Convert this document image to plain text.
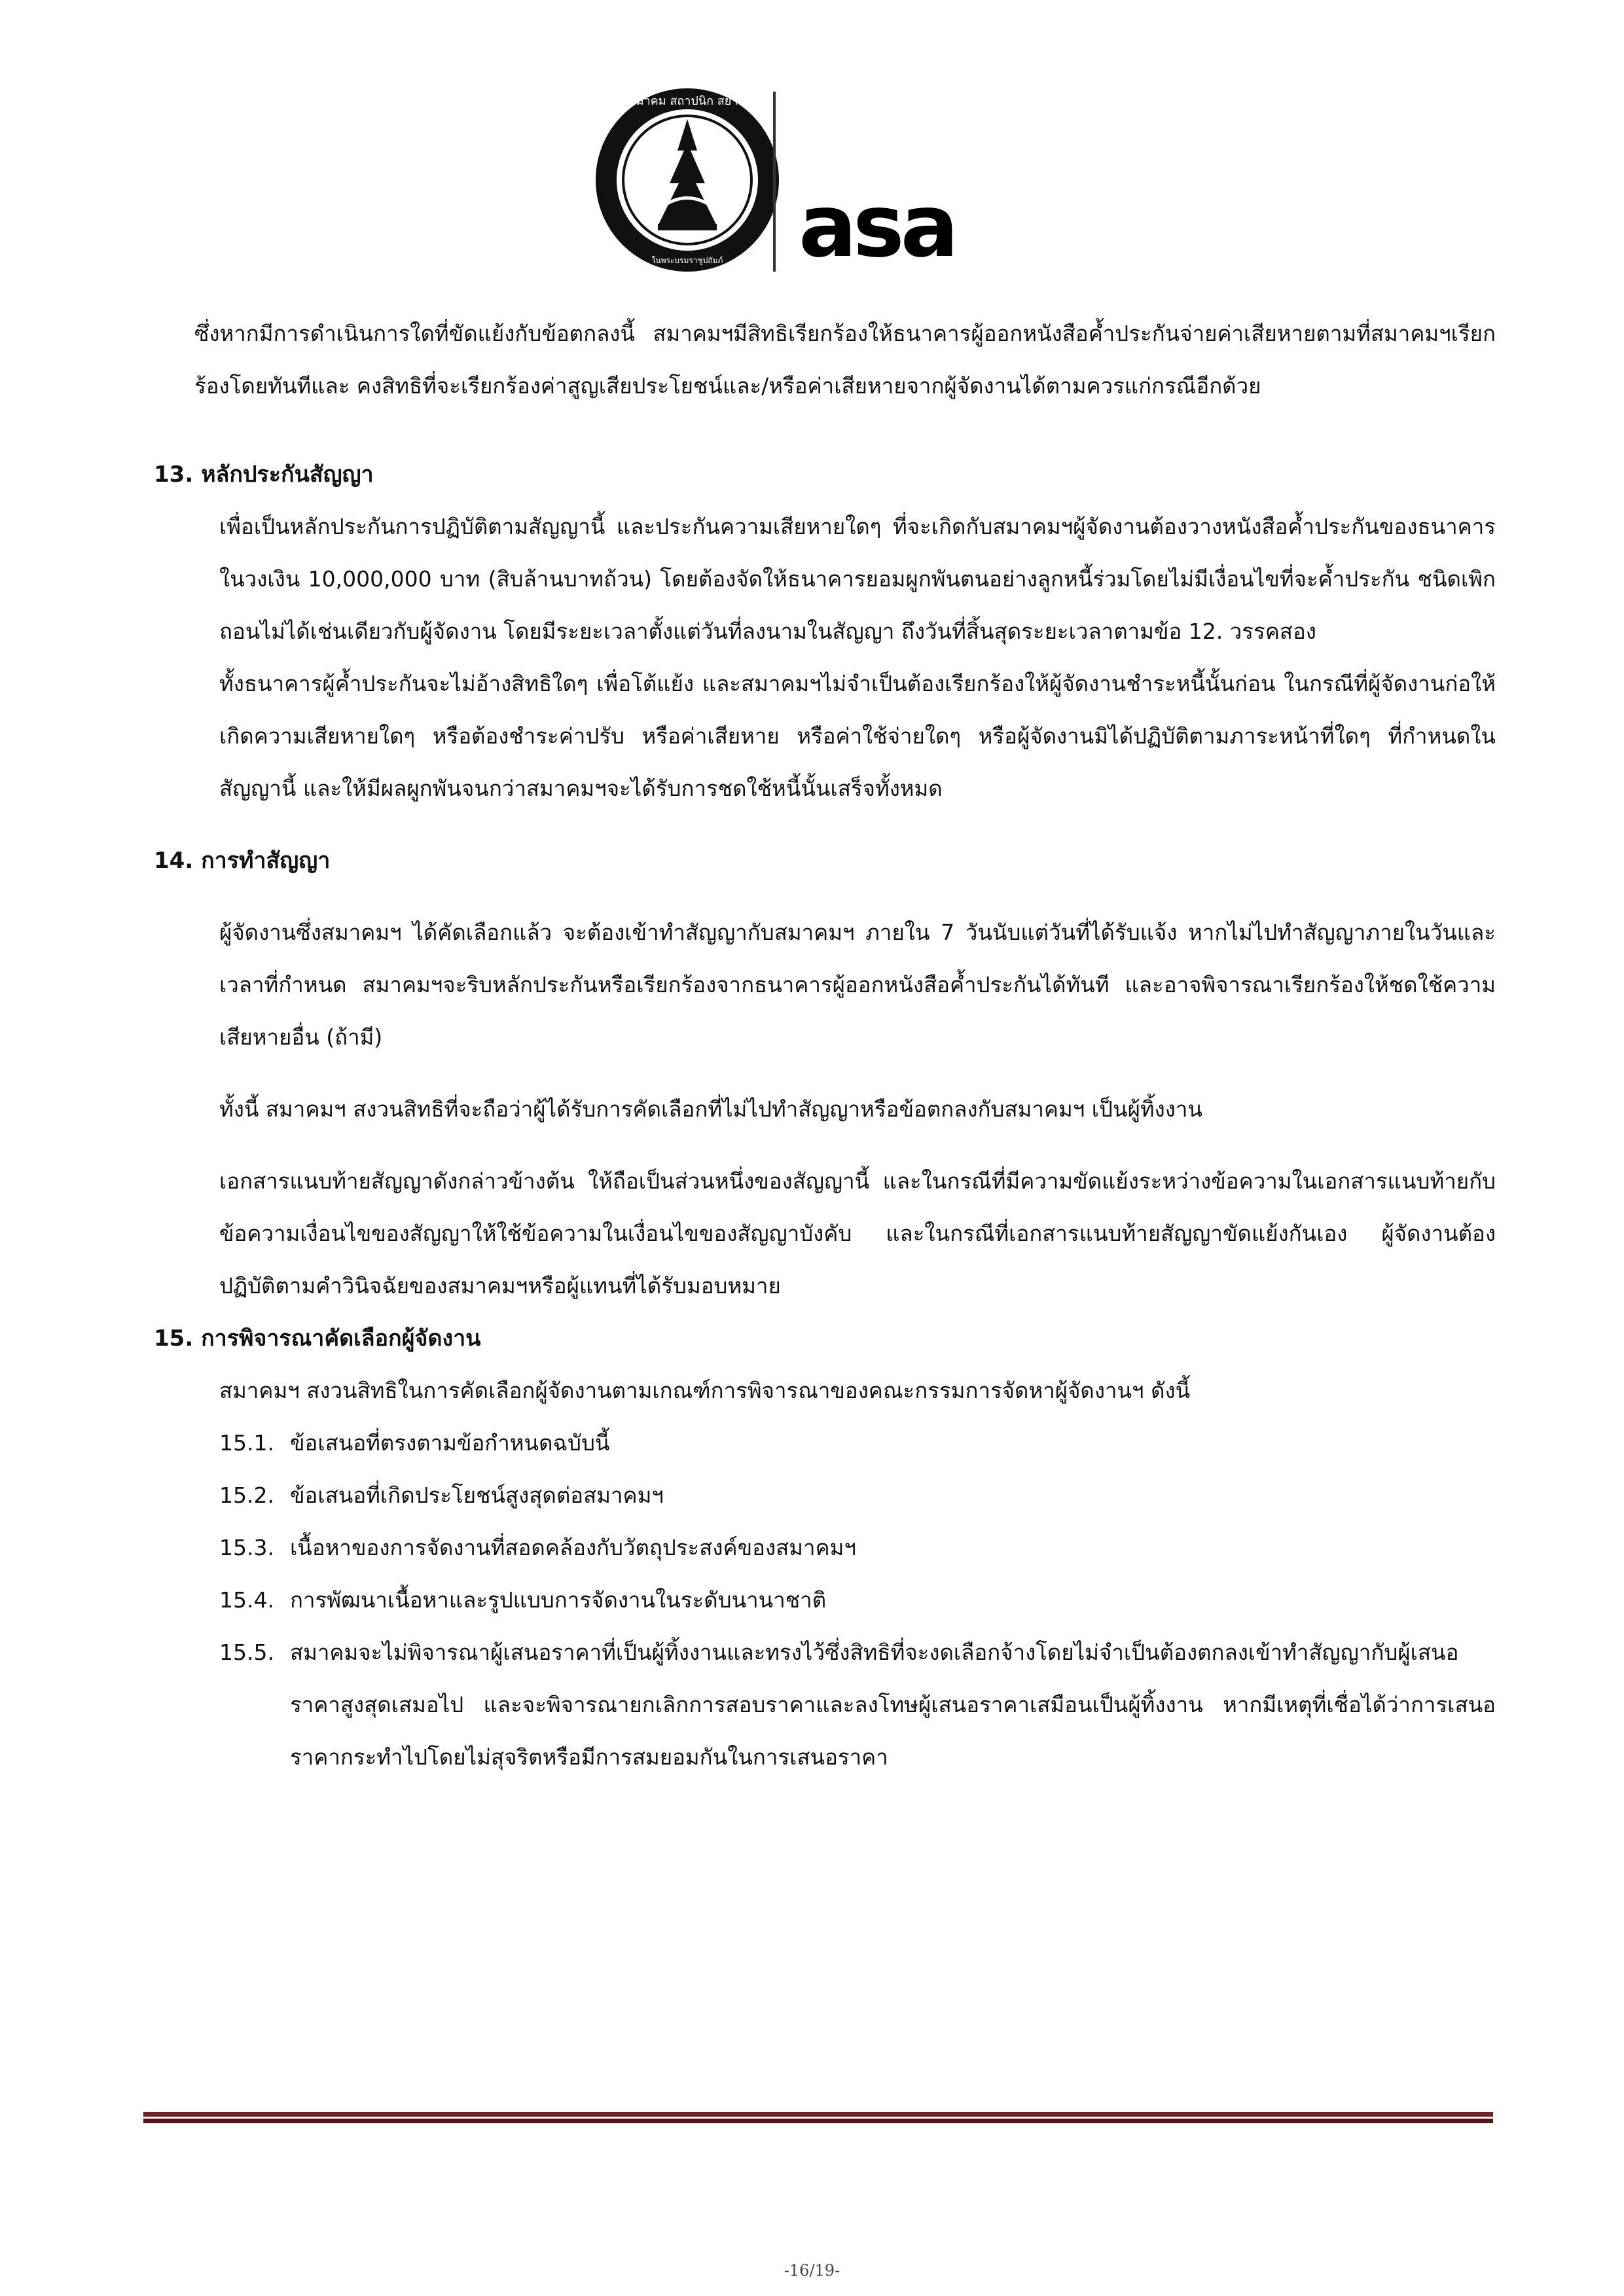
สมาคม สถาปนิก สยาม
ในพระบรมราชูปถัมภ์ asa

ซึ่งหากมีการดำเนินการใดที่ขัดแย้งกับข้อตกลงนี้ สมาคมฯมีสิทธิเรียกร้องให้ธนาคารผู้ออกหนังสือค้ำประกันจ่ายค่าเสียหายตามที่สมาคมฯเรียกร้องโดยทันทีและ คงสิทธิที่จะเรียกร้องค่าสูญเสียประโยชน์และ/หรือค่าเสียหายจากผู้จัดงานได้ตามควรแก่กรณีอีกด้วย

13. หลักประกันสัญญา

เพื่อเป็นหลักประกันการปฏิบัติตามสัญญานี้ และประกันความเสียหายใดๆ ที่จะเกิดกับสมาคมฯผู้จัดงานต้องวางหนังสือค้ำประกันของธนาคาร ในวงเงิน 10,000,000 บาท (สิบล้านบาทถ้วน) โดยต้องจัดให้ธนาคารยอมผูกพันตนอย่างลูกหนี้ร่วมโดยไม่มีเงื่อนไขที่จะค้ำประกัน ชนิดเพิกถอนไม่ได้เช่นเดียวกับผู้จัดงาน โดยมีระยะเวลาตั้งแต่วันที่ลงนามในสัญญา ถึงวันที่สิ้นสุดระยะเวลาตามข้อ 12. วรรคสอง

ทั้งธนาคารผู้ค้ำประกันจะไม่อ้างสิทธิใดๆ เพื่อโต้แย้ง และสมาคมฯไม่จำเป็นต้องเรียกร้องให้ผู้จัดงานชำระหนี้นั้นก่อน ในกรณีที่ผู้จัดงานก่อให้เกิดความเสียหายใดๆ หรือต้องชำระค่าปรับ หรือค่าเสียหาย หรือค่าใช้จ่ายใดๆ หรือผู้จัดงานมิได้ปฏิบัติตามภาระหน้าที่ใดๆ ที่กำหนดในสัญญานี้ และให้มีผลผูกพันจนกว่าสมาคมฯจะได้รับการชดใช้หนี้นั้นเสร็จทั้งหมด

14. การทำสัญญา

ผู้จัดงานซึ่งสมาคมฯ ได้คัดเลือกแล้ว จะต้องเข้าทำสัญญากับสมาคมฯ ภายใน 7 วันนับแต่วันที่ได้รับแจ้ง หากไม่ไปทำสัญญาภายในวันและเวลาที่กำหนด สมาคมฯจะริบหลักประกันหรือเรียกร้องจากธนาคารผู้ออกหนังสือค้ำประกันได้ทันที และอาจพิจารณาเรียกร้องให้ชดใช้ความเสียหายอื่น (ถ้ามี)

ทั้งนี้ สมาคมฯ สงวนสิทธิที่จะถือว่าผู้ได้รับการคัดเลือกที่ไม่ไปทำสัญญาหรือข้อตกลงกับสมาคมฯ เป็นผู้ทิ้งงาน

เอกสารแนบท้ายสัญญาดังกล่าวข้างต้น ให้ถือเป็นส่วนหนึ่งของสัญญานี้ และในกรณีที่มีความขัดแย้งระหว่างข้อความในเอกสารแนบท้ายกับข้อความเงื่อนไขของสัญญาให้ใช้ข้อความในเงื่อนไขของสัญญาบังคับ และในกรณีที่เอกสารแนบท้ายสัญญาขัดแย้งกันเอง ผู้จัดงานต้องปฏิบัติตามคำวินิจฉัยของสมาคมฯหรือผู้แทนที่ได้รับมอบหมาย

15. การพิจารณาคัดเลือกผู้จัดงาน

สมาคมฯ สงวนสิทธิในการคัดเลือกผู้จัดงานตามเกณฑ์การพิจารณาของคณะกรรมการจัดหาผู้จัดงานฯ ดังนี้

15.1. ข้อเสนอที่ตรงตามข้อกำหนดฉบับนี้
15.2. ข้อเสนอที่เกิดประโยชน์สูงสุดต่อสมาคมฯ
15.3. เนื้อหาของการจัดงานที่สอดคล้องกับวัตถุประสงค์ของสมาคมฯ
15.4. การพัฒนาเนื้อหาและรูปแบบการจัดงานในระดับนานาชาติ
15.5. สมาคมจะไม่พิจารณาผู้เสนอราคาที่เป็นผู้ทิ้งงานและทรงไว้ซึ่งสิทธิที่จะงดเลือกจ้างโดยไม่จำเป็นต้องตกลงเข้าทำสัญญากับผู้เสนอราคาสูงสุดเสมอไป และจะพิจารณายกเลิกการสอบราคาและลงโทษผู้เสนอราคาเสมือนเป็นผู้ทิ้งงาน หากมีเหตุที่เชื่อได้ว่าการเสนอราคากระทำไปโดยไม่สุจริตหรือมีการสมยอมกันในการเสนอราคา
-16/19-
